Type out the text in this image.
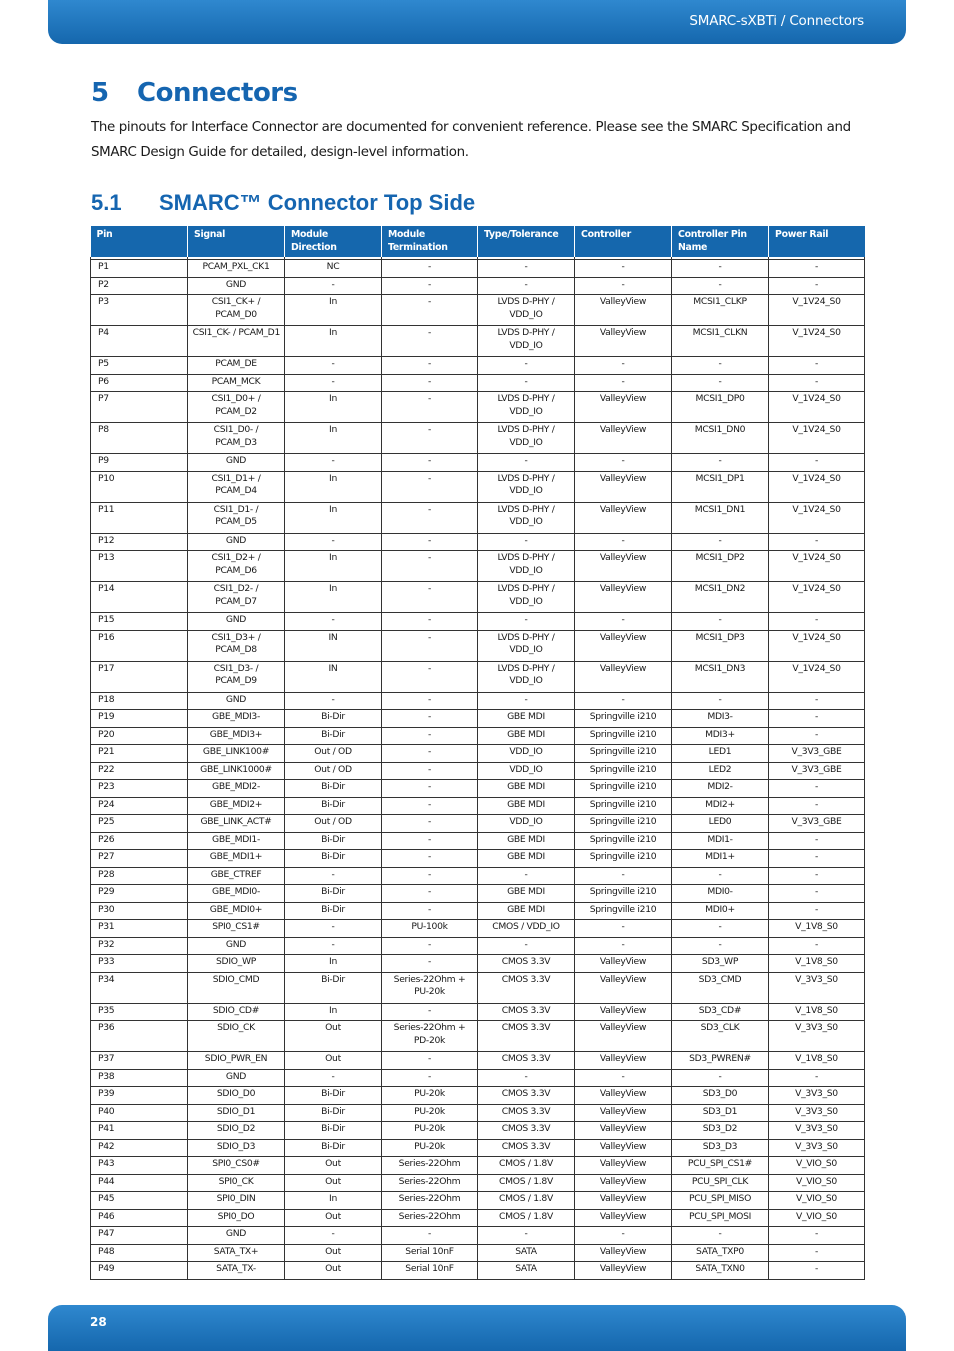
SMARC-sXBTi / Connectors
5 Connectors

The pinouts for Interface Connector are documented for convenient reference. Please see the SMARC Specification and SMARC Design Guide for detailed, design-level information.

5.1 SMARC™ Connector Top Side
Pin	Signal	Module Direction	Module Termination	Type/Tolerance	Controller	Controller Pin Name	Power Rail

P1	PCAM_PXL_CK1	NC	-	-	-	-	-
P2	GND	-	-	-	-	-	-
P3	CSI1_CK+ / PCAM_D0	In	-	LVDS D-PHY / VDD_IO	ValleyView	MCSI1_CLKP	V_1V24_S0
P4	CSI1_CK- / PCAM_D1	In	-	LVDS D-PHY / VDD_IO	ValleyView	MCSI1_CLKN	V_1V24_S0
P5	PCAM_DE	-	-	-	-	-	-
P6	PCAM_MCK	-	-	-	-	-	-
P7	CSI1_D0+ / PCAM_D2	In	-	LVDS D-PHY / VDD_IO	ValleyView	MCSI1_DP0	V_1V24_S0
P8	CSI1_D0- / PCAM_D3	In	-	LVDS D-PHY / VDD_IO	ValleyView	MCSI1_DN0	V_1V24_S0
P9	GND	-	-	-	-	-	-
P10	CSI1_D1+ / PCAM_D4	In	-	LVDS D-PHY / VDD_IO	ValleyView	MCSI1_DP1	V_1V24_S0
P11	CSI1_D1- / PCAM_D5	In	-	LVDS D-PHY / VDD_IO	ValleyView	MCSI1_DN1	V_1V24_S0
P12	GND	-	-	-	-	-	-
P13	CSI1_D2+ / PCAM_D6	In	-	LVDS D-PHY / VDD_IO	ValleyView	MCSI1_DP2	V_1V24_S0
P14	CSI1_D2- / PCAM_D7	In	-	LVDS D-PHY / VDD_IO	ValleyView	MCSI1_DN2	V_1V24_S0
P15	GND	-	-	-	-	-	-
P16	CSI1_D3+ / PCAM_D8	IN	-	LVDS D-PHY / VDD_IO	ValleyView	MCSI1_DP3	V_1V24_S0
P17	CSI1_D3- / PCAM_D9	IN	-	LVDS D-PHY / VDD_IO	ValleyView	MCSI1_DN3	V_1V24_S0
P18	GND	-	-	-	-	-	-
P19	GBE_MDI3-	Bi-Dir	-	GBE MDI	Springville i210	MDI3-	-
P20	GBE_MDI3+	Bi-Dir	-	GBE MDI	Springville i210	MDI3+	-
P21	GBE_LINK100#	Out / OD	-	VDD_IO	Springville i210	LED1	V_3V3_GBE
P22	GBE_LINK1000#	Out / OD	-	VDD_IO	Springville i210	LED2	V_3V3_GBE
P23	GBE_MDI2-	Bi-Dir	-	GBE MDI	Springville i210	MDI2-	-
P24	GBE_MDI2+	Bi-Dir	-	GBE MDI	Springville i210	MDI2+	-
P25	GBE_LINK_ACT#	Out / OD	-	VDD_IO	Springville i210	LED0	V_3V3_GBE
P26	GBE_MDI1-	Bi-Dir	-	GBE MDI	Springville i210	MDI1-	-
P27	GBE_MDI1+	Bi-Dir	-	GBE MDI	Springville i210	MDI1+	-
P28	GBE_CTREF	-	-	-	-	-	-
P29	GBE_MDI0-	Bi-Dir	-	GBE MDI	Springville i210	MDI0-	-
P30	GBE_MDI0+	Bi-Dir	-	GBE MDI	Springville i210	MDI0+	-
P31	SPI0_CS1#	-	PU-100k	CMOS / VDD_IO	-	-	V_1V8_S0
P32	GND	-	-	-	-	-	-
P33	SDIO_WP	In	-	CMOS 3.3V	ValleyView	SD3_WP	V_1V8_S0
P34	SDIO_CMD	Bi-Dir	Series-22Ohm + PU-20k	CMOS 3.3V	ValleyView	SD3_CMD	V_3V3_S0
P35	SDIO_CD#	In	-	CMOS 3.3V	ValleyView	SD3_CD#	V_1V8_S0
P36	SDIO_CK	Out	Series-22Ohm + PD-20k	CMOS 3.3V	ValleyView	SD3_CLK	V_3V3_S0
P37	SDIO_PWR_EN	Out	-	CMOS 3.3V	ValleyView	SD3_PWREN#	V_1V8_S0
P38	GND	-	-	-	-	-	-
P39	SDIO_D0	Bi-Dir	PU-20k	CMOS 3.3V	ValleyView	SD3_D0	V_3V3_S0
P40	SDIO_D1	Bi-Dir	PU-20k	CMOS 3.3V	ValleyView	SD3_D1	V_3V3_S0
P41	SDIO_D2	Bi-Dir	PU-20k	CMOS 3.3V	ValleyView	SD3_D2	V_3V3_S0
P42	SDIO_D3	Bi-Dir	PU-20k	CMOS 3.3V	ValleyView	SD3_D3	V_3V3_S0
P43	SPI0_CS0#	Out	Series-22Ohm	CMOS / 1.8V	ValleyView	PCU_SPI_CS1#	V_VIO_S0
P44	SPI0_CK	Out	Series-22Ohm	CMOS / 1.8V	ValleyView	PCU_SPI_CLK	V_VIO_S0
P45	SPI0_DIN	In	Series-22Ohm	CMOS / 1.8V	ValleyView	PCU_SPI_MISO	V_VIO_S0
P46	SPI0_DO	Out	Series-22Ohm	CMOS / 1.8V	ValleyView	PCU_SPI_MOSI	V_VIO_S0
P47	GND	-	-	-	-	-	-
P48	SATA_TX+	Out	Serial 10nF	SATA	ValleyView	SATA_TXP0	-
P49	SATA_TX-	Out	Serial 10nF	SATA	ValleyView	SATA_TXN0	-
28
